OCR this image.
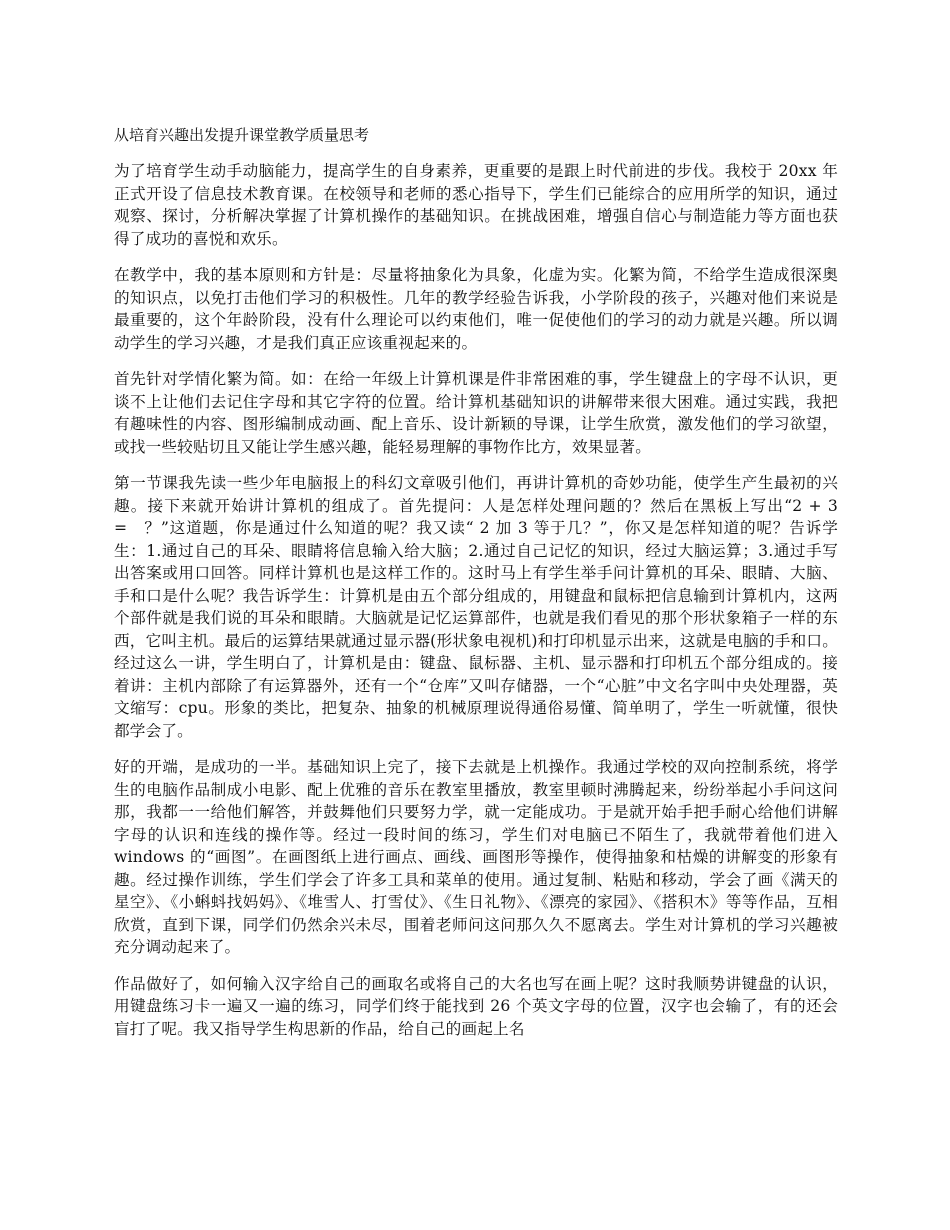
从培育兴趣出发提升课堂教学质量思考

为了培育学生动手动脑能力，提高学生的自身素养，更重要的是跟上时代前进的步伐。我校于 20xx 年正式开设了信息技术教育课。在校领导和老师的悉心指导下，学生们已能综合的应用所学的知识，通过观察、探讨，分析解决掌握了计算机操作的基础知识。在挑战困难，增强自信心与制造能力等方面也获得了成功的喜悦和欢乐。

在教学中，我的基本原则和方针是：尽量将抽象化为具象，化虚为实。化繁为简，不给学生造成很深奥的知识点，以免打击他们学习的积极性。几年的教学经验告诉我，小学阶段的孩子，兴趣对他们来说是最重要的，这个年龄阶段，没有什么理论可以约束他们，唯一促使他们的学习的动力就是兴趣。所以调动学生的学习兴趣，才是我们真正应该重视起来的。

首先针对学情化繁为简。如：在给一年级上计算机课是件非常困难的事，学生键盘上的字母不认识，更谈不上让他们去记住字母和其它字符的位置。给计算机基础知识的讲解带来很大困难。通过实践，我把有趣味性的内容、图形编制成动画、配上音乐、设计新颖的导课，让学生欣赏，激发他们的学习欲望，或找一些较贴切且又能让学生感兴趣，能轻易理解的事物作比方，效果显著。

第一节课我先读一些少年电脑报上的科幻文章吸引他们，再讲计算机的奇妙功能，使学生产生最初的兴趣。接下来就开始讲计算机的组成了。首先提问：人是怎样处理问题的？然后在黑板上写出“2 + 3 =　？”这道题，你是通过什么知道的呢？我又读“ 2 加 3 等于几？”，你又是怎样知道的呢？告诉学生：1.通过自己的耳朵、眼睛将信息输入给大脑；2.通过自己记忆的知识，经过大脑运算；3.通过手写出答案或用口回答。同样计算机也是这样工作的。这时马上有学生举手问计算机的耳朵、眼睛、大脑、手和口是什么呢？我告诉学生：计算机是由五个部分组成的，用键盘和鼠标把信息输到计算机内，这两个部件就是我们说的耳朵和眼睛。大脑就是记忆运算部件，也就是我们看见的那个形状象箱子一样的东西，它叫主机。最后的运算结果就通过显示器(形状象电视机)和打印机显示出来，这就是电脑的手和口。经过这么一讲，学生明白了，计算机是由：键盘、鼠标器、主机、显示器和打印机五个部分组成的。接着讲：主机内部除了有运算器外，还有一个“仓库”又叫存储器，一个“心脏”中文名字叫中央处理器，英文缩写：cpu。形象的类比，把复杂、抽象的机械原理说得通俗易懂、简单明了，学生一听就懂，很快都学会了。

好的开端，是成功的一半。基础知识上完了，接下去就是上机操作。我通过学校的双向控制系统，将学生的电脑作品制成小电影、配上优雅的音乐在教室里播放，教室里顿时沸腾起来，纷纷举起小手问这问那，我都一一给他们解答，并鼓舞他们只要努力学，就一定能成功。于是就开始手把手耐心给他们讲解字母的认识和连线的操作等。经过一段时间的练习，学生们对电脑已不陌生了，我就带着他们进入 windows 的“画图”。在画图纸上进行画点、画线、画图形等操作，使得抽象和枯燥的讲解变的形象有趣。经过操作训练，学生们学会了许多工具和菜单的使用。通过复制、粘贴和移动，学会了画《满天的星空》、《小蝌蚪找妈妈》、《堆雪人、打雪仗》、《生日礼物》、《漂亮的家园》、《搭积木》等等作品，互相欣赏，直到下课，同学们仍然余兴未尽，围着老师问这问那久久不愿离去。学生对计算机的学习兴趣被充分调动起来了。

作品做好了，如何输入汉字给自己的画取名或将自己的大名也写在画上呢？这时我顺势讲键盘的认识，用键盘练习卡一遍又一遍的练习，同学们终于能找到 26 个英文字母的位置，汉字也会输了，有的还会盲打了呢。我又指导学生构思新的作品，给自己的画起上名
